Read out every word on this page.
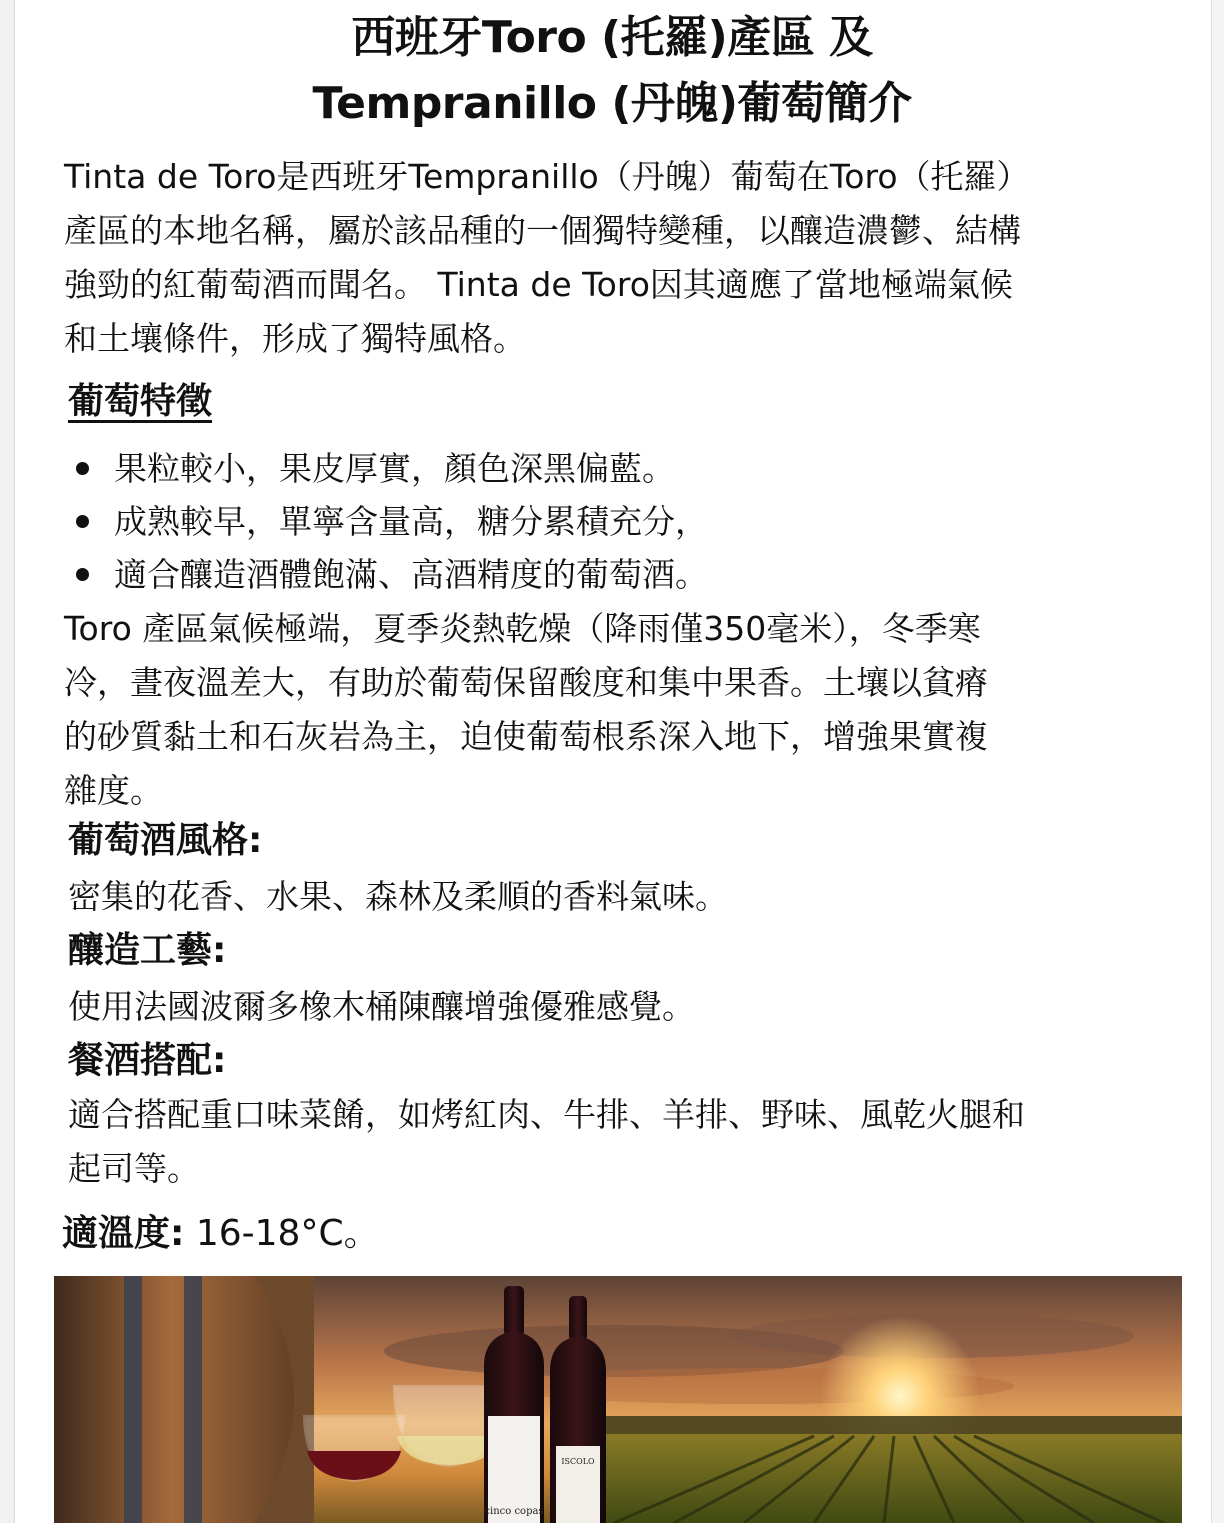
西班牙Toro (托羅)產區 及
Tempranillo (丹魄)葡萄簡介
Tinta de Toro是西班牙Tempranillo（丹魄）葡萄在Toro（托羅）
產區的本地名稱，屬於該品種的一個獨特變種，以釀造濃鬱、結構
強勁的紅葡萄酒而聞名。 Tinta de Toro因其適應了當地極端氣候
和土壤條件，形成了獨特風格。
葡萄特徵
果粒較小，果皮厚實，顏色深黑偏藍。
成熟較早，單寧含量高，糖分累積充分，
適合釀造酒體飽滿、高酒精度的葡萄酒。
Toro 產區氣候極端，夏季炎熱乾燥（降雨僅350毫米），冬季寒
冷，晝夜溫差大，有助於葡萄保留酸度和集中果香。土壤以貧瘠
的砂質黏土和石灰岩為主，迫使葡萄根系深入地下，增強果實複
雜度。
葡萄酒風格:
密集的花香、水果、森林及柔順的香料氣味。
釀造工藝:
使用法國波爾多橡木桶陳釀增強優雅感覺。
餐酒搭配:
適合搭配重口味菜餚，如烤紅肉、牛排、羊排、野味、風乾火腿和
起司等。
適溫度: 16-18°C。
cinco copas
ISCOLO
